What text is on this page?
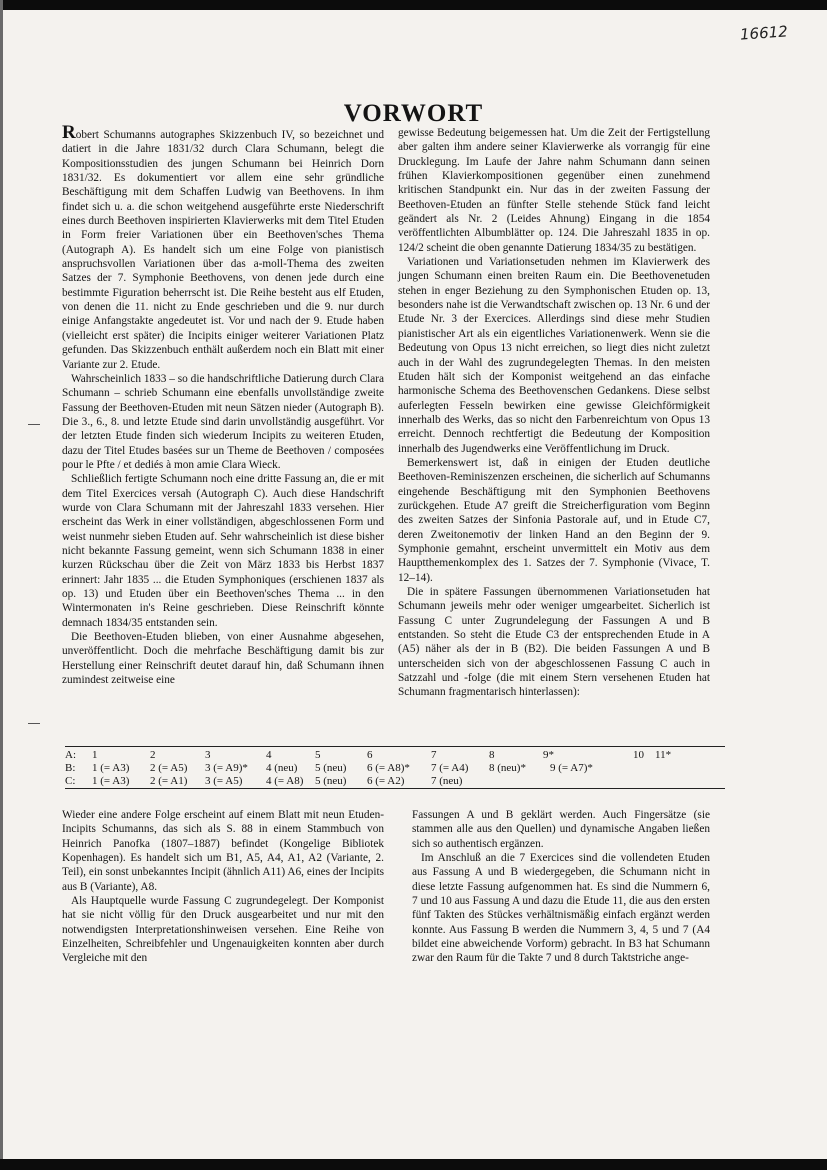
16612
VORWORT

Robert Schumanns autographes Skizzenbuch IV, so bezeichnet und datiert in die Jahre 1831/32 durch Clara Schumann, belegt die Kompositionsstudien des jungen Schumann bei Heinrich Dorn 1831/32. Es dokumentiert vor allem eine sehr gründliche Beschäftigung mit dem Schaffen Ludwig van Beethovens. In ihm findet sich u. a. die schon weitgehend ausgeführte erste Niederschrift eines durch Beethoven inspirierten Klavierwerks mit dem Titel Etuden in Form freier Variationen über ein Beethoven'sches Thema (Autograph A). Es handelt sich um eine Folge von pianistisch anspruchsvollen Variationen über das a-moll-Thema des zweiten Satzes der 7. Symphonie Beethovens, von denen jede durch eine bestimmte Figuration beherrscht ist. Die Reihe besteht aus elf Etuden, von denen die 11. nicht zu Ende geschrieben und die 9. nur durch einige Anfangstakte angedeutet ist. Vor und nach der 9. Etude haben (vielleicht erst später) die Incipits einiger weiterer Variationen Platz gefunden. Das Skizzenbuch enthält außerdem noch ein Blatt mit einer Variante zur 2. Etude.

Wahrscheinlich 1833 – so die handschriftliche Datierung durch Clara Schumann – schrieb Schumann eine ebenfalls unvollständige zweite Fassung der Beethoven-Etuden mit neun Sätzen nieder (Autograph B). Die 3., 6., 8. und letzte Etude sind darin unvollständig ausgeführt. Vor der letzten Etude finden sich wiederum Incipits zu weiteren Etuden, dazu der Titel Etudes basées sur un Theme de Beethoven / composées pour le Pfte / et dediés à mon amie Clara Wieck.

Schließlich fertigte Schumann noch eine dritte Fassung an, die er mit dem Titel Exercices versah (Autograph C). Auch diese Handschrift wurde von Clara Schumann mit der Jahreszahl 1833 versehen. Hier erscheint das Werk in einer vollständigen, abgeschlossenen Form und weist nunmehr sieben Etuden auf. Sehr wahrscheinlich ist diese bisher nicht bekannte Fassung gemeint, wenn sich Schumann 1838 in einer kurzen Rückschau über die Zeit von März 1833 bis Herbst 1837 erinnert: Jahr 1835 ... die Etuden Symphoniques (erschienen 1837 als op. 13) und Etuden über ein Beethoven'sches Thema ... in den Wintermonaten in's Reine geschrieben. Diese Reinschrift könnte demnach 1834/35 entstanden sein.

Die Beethoven-Etuden blieben, von einer Ausnahme abgesehen, unveröffentlicht. Doch die mehrfache Beschäftigung damit bis zur Herstellung einer Reinschrift deutet darauf hin, daß Schumann ihnen zumindest zeitweise eine

gewisse Bedeutung beigemessen hat. Um die Zeit der Fertigstellung aber galten ihm andere seiner Klavierwerke als vorrangig für eine Drucklegung. Im Laufe der Jahre nahm Schumann dann seinen frühen Klavierkompositionen gegenüber einen zunehmend kritischen Standpunkt ein. Nur das in der zweiten Fassung der Beethoven-Etuden an fünfter Stelle stehende Stück fand leicht geändert als Nr. 2 (Leides Ahnung) Eingang in die 1854 veröffentlichten Albumblätter op. 124. Die Jahreszahl 1835 in op. 124/2 scheint die oben genannte Datierung 1834/35 zu bestätigen.

Variationen und Variationsetuden nehmen im Klavierwerk des jungen Schumann einen breiten Raum ein. Die Beethovenetuden stehen in enger Beziehung zu den Symphonischen Etuden op. 13, besonders nahe ist die Verwandtschaft zwischen op. 13 Nr. 6 und der Etude Nr. 3 der Exercices. Allerdings sind diese mehr Studien pianistischer Art als ein eigentliches Variationenwerk. Wenn sie die Bedeutung von Opus 13 nicht erreichen, so liegt dies nicht zuletzt auch in der Wahl des zugrundegelegten Themas. In den meisten Etuden hält sich der Komponist weitgehend an das einfache harmonische Schema des Beethovenschen Gedankens. Diese selbst auferlegten Fesseln bewirken eine gewisse Gleichförmigkeit innerhalb des Werks, das so nicht den Farbenreichtum von Opus 13 erreicht. Dennoch rechtfertigt die Bedeutung der Komposition innerhalb des Jugendwerks eine Veröffentlichung im Druck.

Bemerkenswert ist, daß in einigen der Etuden deutliche Beethoven-Reminiszenzen erscheinen, die sicherlich auf Schumanns eingehende Beschäftigung mit den Symphonien Beethovens zurückgehen. Etude A7 greift die Streicherfiguration vom Beginn des zweiten Satzes der Sinfonia Pastorale auf, und in Etude C7, deren Zweitonemotiv der linken Hand an den Beginn der 9. Symphonie gemahnt, erscheint unvermittelt ein Motiv aus dem Hauptthemenkomplex des 1. Satzes der 7. Symphonie (Vivace, T. 12–14).

Die in spätere Fassungen übernommenen Variationsetuden hat Schumann jeweils mehr oder weniger umgearbeitet. Sicherlich ist Fassung C unter Zugrundelegung der Fassungen A und B entstanden. So steht die Etude C3 der entsprechenden Etude in A (A5) näher als der in B (B2). Die beiden Fassungen A und B unterscheiden sich von der abgeschlossenen Fassung C auch in Satzzahl und -folge (die mit einem Stern versehenen Etuden hat Schumann fragmentarisch hinterlassen):

A: 1	2	3	4	5	6	7	8	9*	10 11*
B: 1 (= A3) 2 (= A5) 3 (= A9)* 4 (neu) 5 (neu) 6 (= A8)* 7 (= A4) 8 (neu)* 9 (= A7)*
C: 1 (= A3) 2 (= A1) 3 (= A5) 4 (= A8) 5 (neu) 6 (= A2) 7 (neu)

Wieder eine andere Folge erscheint auf einem Blatt mit neun Etuden-Incipits Schumanns, das sich als S. 88 in einem Stammbuch von Heinrich Panofka (1807–1887) befindet (Kongelige Bibliotek Kopenhagen). Es handelt sich um B1, A5, A4, A1, A2 (Variante, 2. Teil), ein sonst unbekanntes Incipit (ähnlich A11) A6, eines der Incipits aus B (Variante), A8.

Als Hauptquelle wurde Fassung C zugrundegelegt. Der Komponist hat sie nicht völlig für den Druck ausgearbeitet und nur mit den notwendigsten Interpretationshinweisen versehen. Eine Reihe von Einzelheiten, Schreibfehler und Ungenauigkeiten konnten aber durch Vergleiche mit den

Fassungen A und B geklärt werden. Auch Fingersätze (sie stammen alle aus den Quellen) und dynamische Angaben ließen sich so authentisch ergänzen.

Im Anschluß an die 7 Exercices sind die vollendeten Etuden aus Fassung A und B wiedergegeben, die Schumann nicht in diese letzte Fassung aufgenommen hat. Es sind die Nummern 6, 7 und 10 aus Fassung A und dazu die Etude 11, die aus den ersten fünf Takten des Stückes verhältnismäßig einfach ergänzt werden konnte. Aus Fassung B werden die Nummern 3, 4, 5 und 7 (A4 bildet eine abweichende Vorform) gebracht. In B3 hat Schumann zwar den Raum für die Takte 7 und 8 durch Taktstriche ange-
